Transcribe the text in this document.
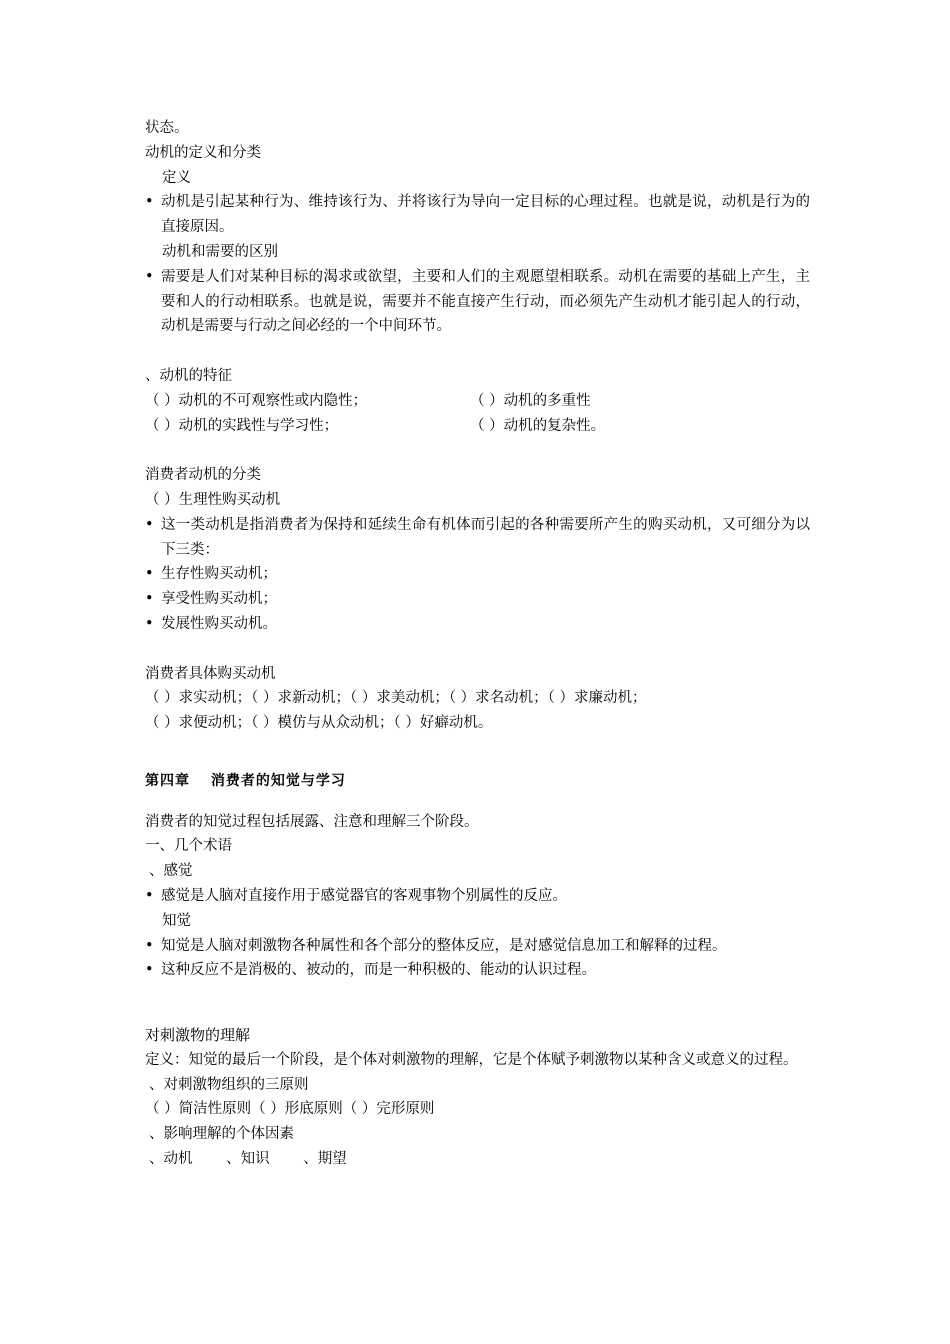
状态。

动机的定义和分类

定义

• 动机是引起某种行为、维持该行为、并将该行为导向一定目标的心理过程。也就是说，动机是行为的直接原因。

动机和需要的区别

• 需要是人们对某种目标的渴求或欲望，主要和人们的主观愿望相联系。动机在需要的基础上产生，主要和人的行动相联系。也就是说，需要并不能直接产生行动，而必须先产生动机才能引起人的行动，动机是需要与行动之间必经的一个中间环节。

、动机的特征

（ ）动机的不可观察性或内隐性；	（ ）动机的多重性
（ ）动机的实践性与学习性；	（ ）动机的复杂性。

消费者动机的分类

（ ）生理性购买动机

• 这一类动机是指消费者为保持和延续生命有机体而引起的各种需要所产生的购买动机，又可细分为以下三类：
• 生存性购买动机；
• 享受性购买动机；
• 发展性购买动机。

消费者具体购买动机

（ ）求实动机；（ ）求新动机；（ ）求美动机；（ ）求名动机；（ ）求廉动机；

（ ）求便动机；（ ）模仿与从众动机；（ ）好癖动机。

第四章　 消费者的知觉与学习

消费者的知觉过程包括展露、注意和理解三个阶段。

一、几个术语

、感觉

• 感觉是人脑对直接作用于感觉器官的客观事物个别属性的反应。

知觉

• 知觉是人脑对刺激物各种属性和各个部分的整体反应，是对感觉信息加工和解释的过程。
• 这种反应不是消极的、被动的，而是一种积极的、能动的认识过程。
对刺激物的理解
定义：知觉的最后一个阶段，是个体对刺激物的理解，它是个体赋予刺激物以某种含义或意义的过程。

、对刺激物组织的三原则

（ ）简洁性原则（ ）形底原则（ ）完形原则

、影响理解的个体因素

、动机　　 、知识　　 、期望
